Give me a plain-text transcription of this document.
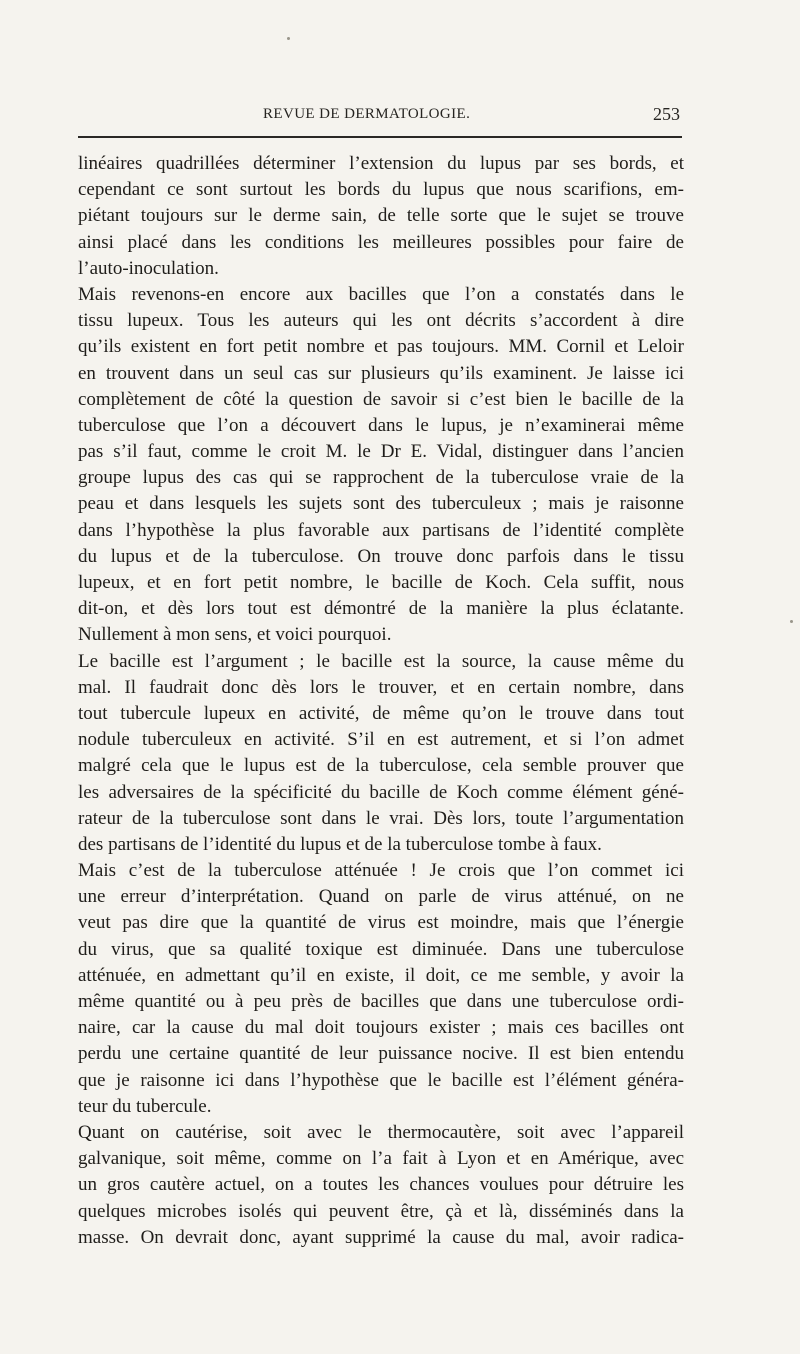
REVUE DE DERMATOLOGIE.	253
linéaires quadrillées déterminer l’extension du lupus par ses bords, et
cependant ce sont surtout les bords du lupus que nous scarifions, em-
piétant toujours sur le derme sain, de telle sorte que le sujet se trouve
ainsi placé dans les conditions les meilleures possibles pour faire de
l’auto-inoculation.
Mais revenons-en encore aux bacilles que l’on a constatés dans le
tissu lupeux. Tous les auteurs qui les ont décrits s’accordent à dire
qu’ils existent en fort petit nombre et pas toujours. MM. Cornil et Leloir
en trouvent dans un seul cas sur plusieurs qu’ils examinent. Je laisse ici
complètement de côté la question de savoir si c’est bien le bacille de la
tuberculose que l’on a découvert dans le lupus, je n’examinerai même
pas s’il faut, comme le croit M. le Dr E. Vidal, distinguer dans l’ancien
groupe lupus des cas qui se rapprochent de la tuberculose vraie de la
peau et dans lesquels les sujets sont des tuberculeux ; mais je raisonne
dans l’hypothèse la plus favorable aux partisans de l’identité complète
du lupus et de la tuberculose. On trouve donc parfois dans le tissu
lupeux, et en fort petit nombre, le bacille de Koch. Cela suffit, nous
dit-on, et dès lors tout est démontré de la manière la plus éclatante.
Nullement à mon sens, et voici pourquoi.
Le bacille est l’argument ; le bacille est la source, la cause même du
mal. Il faudrait donc dès lors le trouver, et en certain nombre, dans
tout tubercule lupeux en activité, de même qu’on le trouve dans tout
nodule tuberculeux en activité. S’il en est autrement, et si l’on admet
malgré cela que le lupus est de la tuberculose, cela semble prouver que
les adversaires de la spécificité du bacille de Koch comme élément géné-
rateur de la tuberculose sont dans le vrai. Dès lors, toute l’argumentation
des partisans de l’identité du lupus et de la tuberculose tombe à faux.
Mais c’est de la tuberculose atténuée ! Je crois que l’on commet ici
une erreur d’interprétation. Quand on parle de virus atténué, on ne
veut pas dire que la quantité de virus est moindre, mais que l’énergie
du virus, que sa qualité toxique est diminuée. Dans une tuberculose
atténuée, en admettant qu’il en existe, il doit, ce me semble, y avoir la
même quantité ou à peu près de bacilles que dans une tuberculose ordi-
naire, car la cause du mal doit toujours exister ; mais ces bacilles ont
perdu une certaine quantité de leur puissance nocive. Il est bien entendu
que je raisonne ici dans l’hypothèse que le bacille est l’élément généra-
teur du tubercule.
Quant on cautérise, soit avec le thermocautère, soit avec l’appareil
galvanique, soit même, comme on l’a fait à Lyon et en Amérique, avec
un gros cautère actuel, on a toutes les chances voulues pour détruire les
quelques microbes isolés qui peuvent être, çà et là, disséminés dans la
masse. On devrait donc, ayant supprimé la cause du mal, avoir radica-
